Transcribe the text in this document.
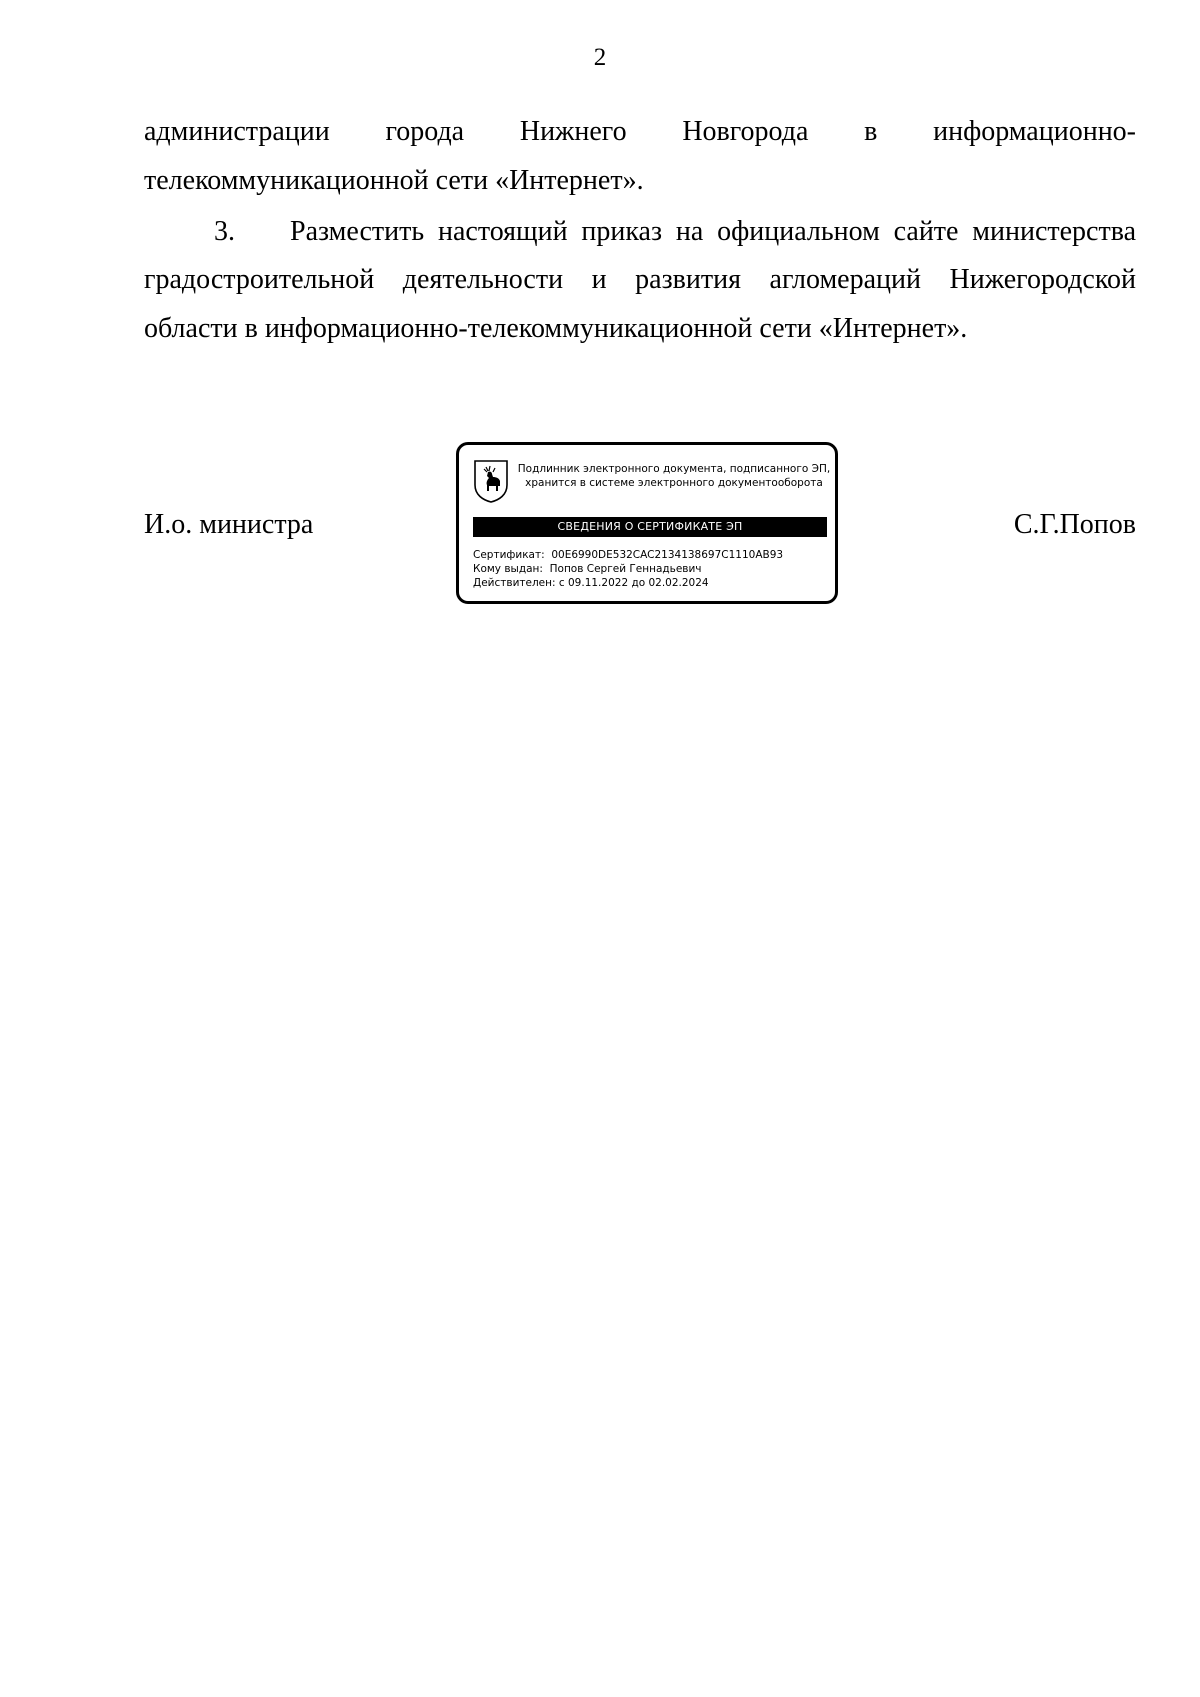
2
администрации города Нижнего Новгорода в информационно-
телекоммуникационной сети «Интернет».
3. Разместить настоящий приказ на официальном сайте министерства
градостроительной деятельности и развития агломераций Нижегородской
области в информационно-телекоммуникационной сети «Интернет».
И.о. министра	С.Г.Попов
Подлинник электронного документа, подписанного ЭП,
хранится в системе электронного документооборота
СВЕДЕНИЯ О СЕРТИФИКАТЕ ЭП
Сертификат: 00E6990DE532CAC2134138697C1110AB93
Кому выдан: Попов Сергей Геннадьевич
Действителен: с 09.11.2022 до 02.02.2024
